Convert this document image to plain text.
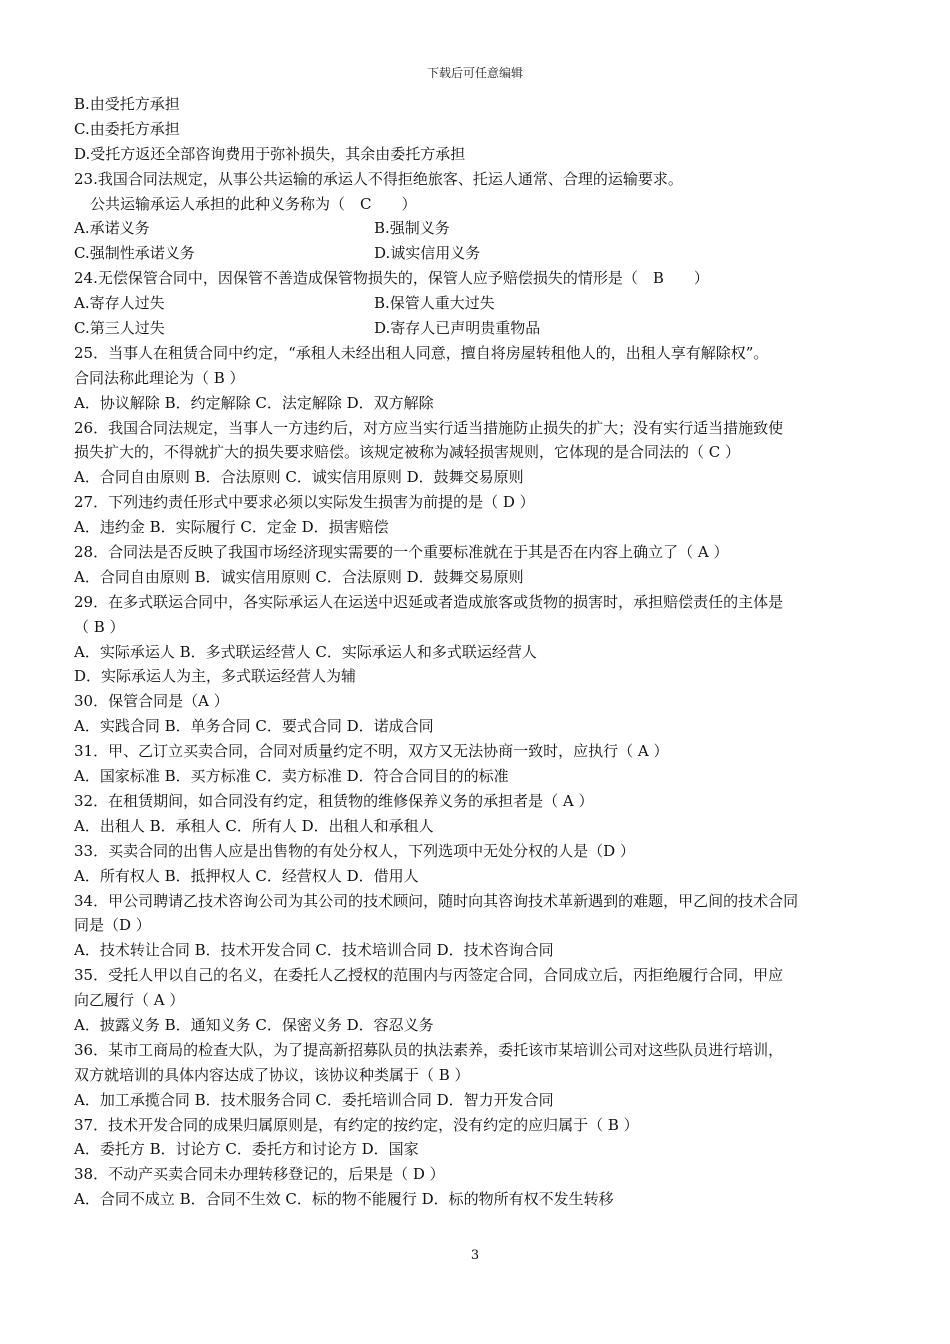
下载后可任意编辑
B.由受托方承担
C.由委托方承担
D.受托方返还全部咨询费用于弥补损失，其余由委托方承担
23.我国合同法规定，从事公共运输的承运人不得拒绝旅客、托运人通常、合理的运输要求。
公共运输承运人承担的此种义务称为（　C　　）
A.承诺义务	B.强制义务
C.强制性承诺义务	D.诚实信用义务
24.无偿保管合同中，因保管不善造成保管物损失的，保管人应予赔偿损失的情形是（　B　　）
A.寄存人过失	B.保管人重大过失
C.第三人过失	D.寄存人已声明贵重物品
25．当事人在租赁合同中约定，“承租人未经出租人同意，擅自将房屋转租他人的，出租人享有解除权”。
合同法称此理论为（ B ）
A．协议解除 B．约定解除 C．法定解除 D．双方解除
26．我国合同法规定，当事人一方违约后，对方应当实行适当措施防止损失的扩大；没有实行适当措施致使
损失扩大的，不得就扩大的损失要求赔偿。该规定被称为减轻损害规则，它体现的是合同法的（ C ）
A．合同自由原则 B．合法原则 C．诚实信用原则 D．鼓舞交易原则
27．下列违约责任形式中要求必须以实际发生损害为前提的是（ D ）
A．违约金 B．实际履行 C．定金 D．损害赔偿
28．合同法是否反映了我国市场经济现实需要的一个重要标准就在于其是否在内容上确立了（ A ）
A．合同自由原则 B．诚实信用原则 C．合法原则 D．鼓舞交易原则
29．在多式联运合同中，各实际承运人在运送中迟延或者造成旅客或货物的损害时，承担赔偿责任的主体是
（ B ）
A．实际承运人 B．多式联运经营人 C．实际承运人和多式联运经营人
D．实际承运人为主，多式联运经营人为辅
30．保管合同是（A ）
A．实践合同 B．单务合同 C．要式合同 D．诺成合同
31．甲、乙订立买卖合同，合同对质量约定不明，双方又无法协商一致时，应执行（ A ）
A．国家标准 B．买方标准 C．卖方标准 D．符合合同目的的标准
32．在租赁期间，如合同没有约定，租赁物的维修保养义务的承担者是（ A ）
A．出租人 B．承租人 C．所有人 D．出租人和承租人
33．买卖合同的出售人应是出售物的有处分权人，下列选项中无处分权的人是（D ）
A．所有权人 B．抵押权人 C．经营权人 D．借用人
34．甲公司聘请乙技术咨询公司为其公司的技术顾问，随时向其咨询技术革新遇到的难题，甲乙间的技术合同
同是（D ）
A．技术转让合同 B．技术开发合同 C．技术培训合同 D．技术咨询合同
35．受托人甲以自己的名义，在委托人乙授权的范围内与丙签定合同，合同成立后，丙拒绝履行合同，甲应
向乙履行（ A ）
A．披露义务 B．通知义务 C．保密义务 D．容忍义务
36．某市工商局的检查大队，为了提高新招募队员的执法素养，委托该市某培训公司对这些队员进行培训，
双方就培训的具体内容达成了协议，该协议种类属于（ B ）
A．加工承揽合同 B．技术服务合同 C．委托培训合同 D．智力开发合同
37．技术开发合同的成果归属原则是，有约定的按约定，没有约定的应归属于（ B ）
A．委托方 B．讨论方 C．委托方和讨论方 D．国家
38．不动产买卖合同未办理转移登记的，后果是（ D ）
A．合同不成立 B．合同不生效 C．标的物不能履行 D．标的物所有权不发生转移
3
